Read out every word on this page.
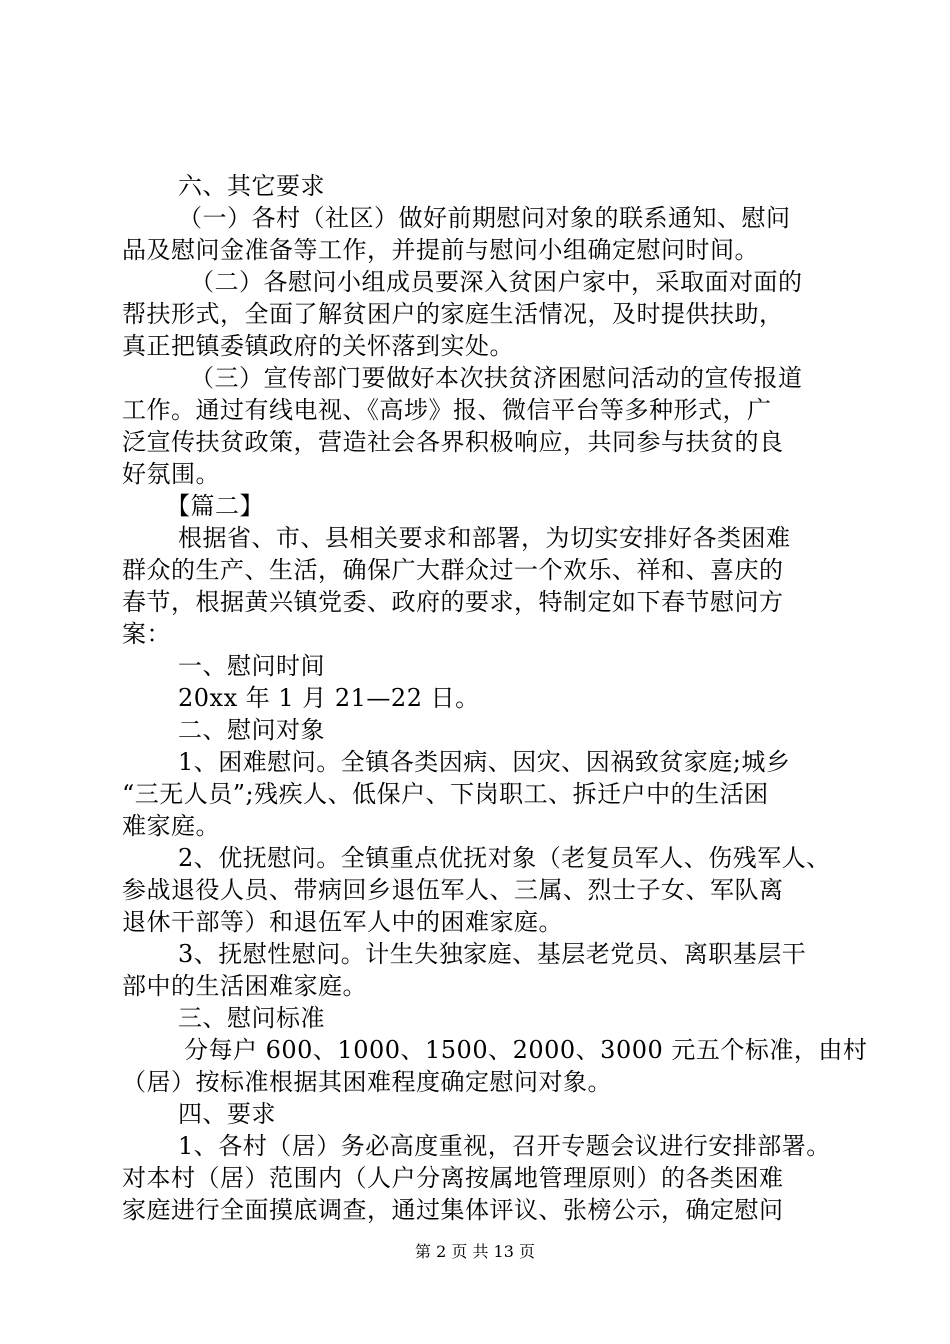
六、其它要求
（一）各村（社区）做好前期慰问对象的联系通知、慰问
品及慰问金准备等工作，并提前与慰问小组确定慰问时间。
（二）各慰问小组成员要深入贫困户家中，采取面对面的
帮扶形式，全面了解贫困户的家庭生活情况，及时提供扶助，
真正把镇委镇政府的关怀落到实处。
（三）宣传部门要做好本次扶贫济困慰问活动的宣传报道
工作。通过有线电视、《高埗》报、微信平台等多种形式，广
泛宣传扶贫政策，营造社会各界积极响应，共同参与扶贫的良
好氛围。
【篇二】
根据省、市、县相关要求和部署，为切实安排好各类困难
群众的生产、生活，确保广大群众过一个欢乐、祥和、喜庆的
春节，根据黄兴镇党委、政府的要求，特制定如下春节慰问方
案：
一、慰问时间
20xx 年 1 月 21—22 日。
二、慰问对象
1、困难慰问。全镇各类因病、因灾、因祸致贫家庭;城乡
“三无人员”;残疾人、低保户、下岗职工、拆迁户中的生活困
难家庭。
2、优抚慰问。全镇重点优抚对象（老复员军人、伤残军人、
参战退役人员、带病回乡退伍军人、三属、烈士子女、军队离
退休干部等）和退伍军人中的困难家庭。
3、抚慰性慰问。计生失独家庭、基层老党员、离职基层干
部中的生活困难家庭。
三、慰问标准
分每户 600、1000、1500、2000、3000 元五个标准，由村
（居）按标准根据其困难程度确定慰问对象。
四、要求
1、各村（居）务必高度重视，召开专题会议进行安排部署。
对本村（居）范围内（人户分离按属地管理原则）的各类困难
家庭进行全面摸底调查，通过集体评议、张榜公示，确定慰问
第 2 页 共 13 页
